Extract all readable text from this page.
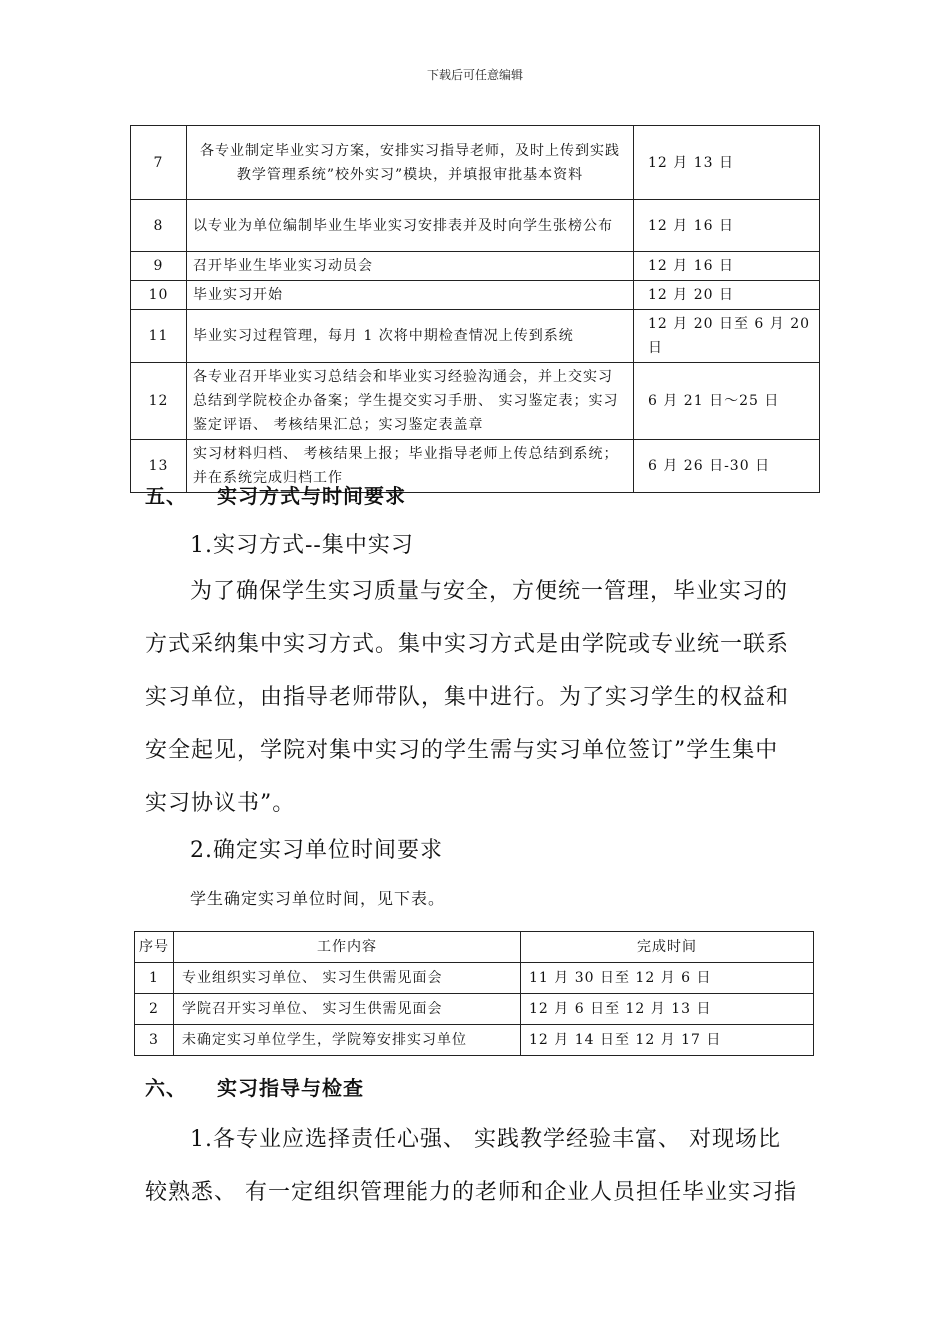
下载后可任意编辑
7	各专业制定毕业实习方案，安排实习指导老师，及时上传到实践教学管理系统”校外实习”模块，并填报审批基本资料	12 月 13 日
8	以专业为单位编制毕业生毕业实习安排表并及时向学生张榜公布	12 月 16 日
9	召开毕业生毕业实习动员会	12 月 16 日
10	毕业实习开始	12 月 20 日
11	毕业实习过程管理，每月 1 次将中期检查情况上传到系统	12 月 20 日至 6 月 20 日
12	各专业召开毕业实习总结会和毕业实习经验沟通会，并上交实习总结到学院校企办备案；学生提交实习手册、 实习鉴定表；实习鉴定评语、 考核结果汇总；实习鉴定表盖章	6 月 21 日～25 日
13	实习材料归档、 考核结果上报；毕业指导老师上传总结到系统；并在系统完成归档工作	6 月 26 日-30 日
五、 实习方式与时间要求
1.实习方式--集中实习
为了确保学生实习质量与安全，方便统一管理，毕业实习的
方式采纳集中实习方式。集中实习方式是由学院或专业统一联系
实习单位，由指导老师带队，集中进行。为了实习学生的权益和
安全起见，学院对集中实习的学生需与实习单位签订”学生集中
实习协议书”。
2.确定实习单位时间要求
学生确定实习单位时间，见下表。
序号	工作内容	完成时间
1	专业组织实习单位、 实习生供需见面会	11 月 30 日至 12 月 6 日
2	学院召开实习单位、 实习生供需见面会	12 月 6 日至 12 月 13 日
3	未确定实习单位学生，学院筹安排实习单位	12 月 14 日至 12 月 17 日
六、 实习指导与检查
1.各专业应选择责任心强、 实践教学经验丰富、 对现场比
较熟悉、 有一定组织管理能力的老师和企业人员担任毕业实习指
